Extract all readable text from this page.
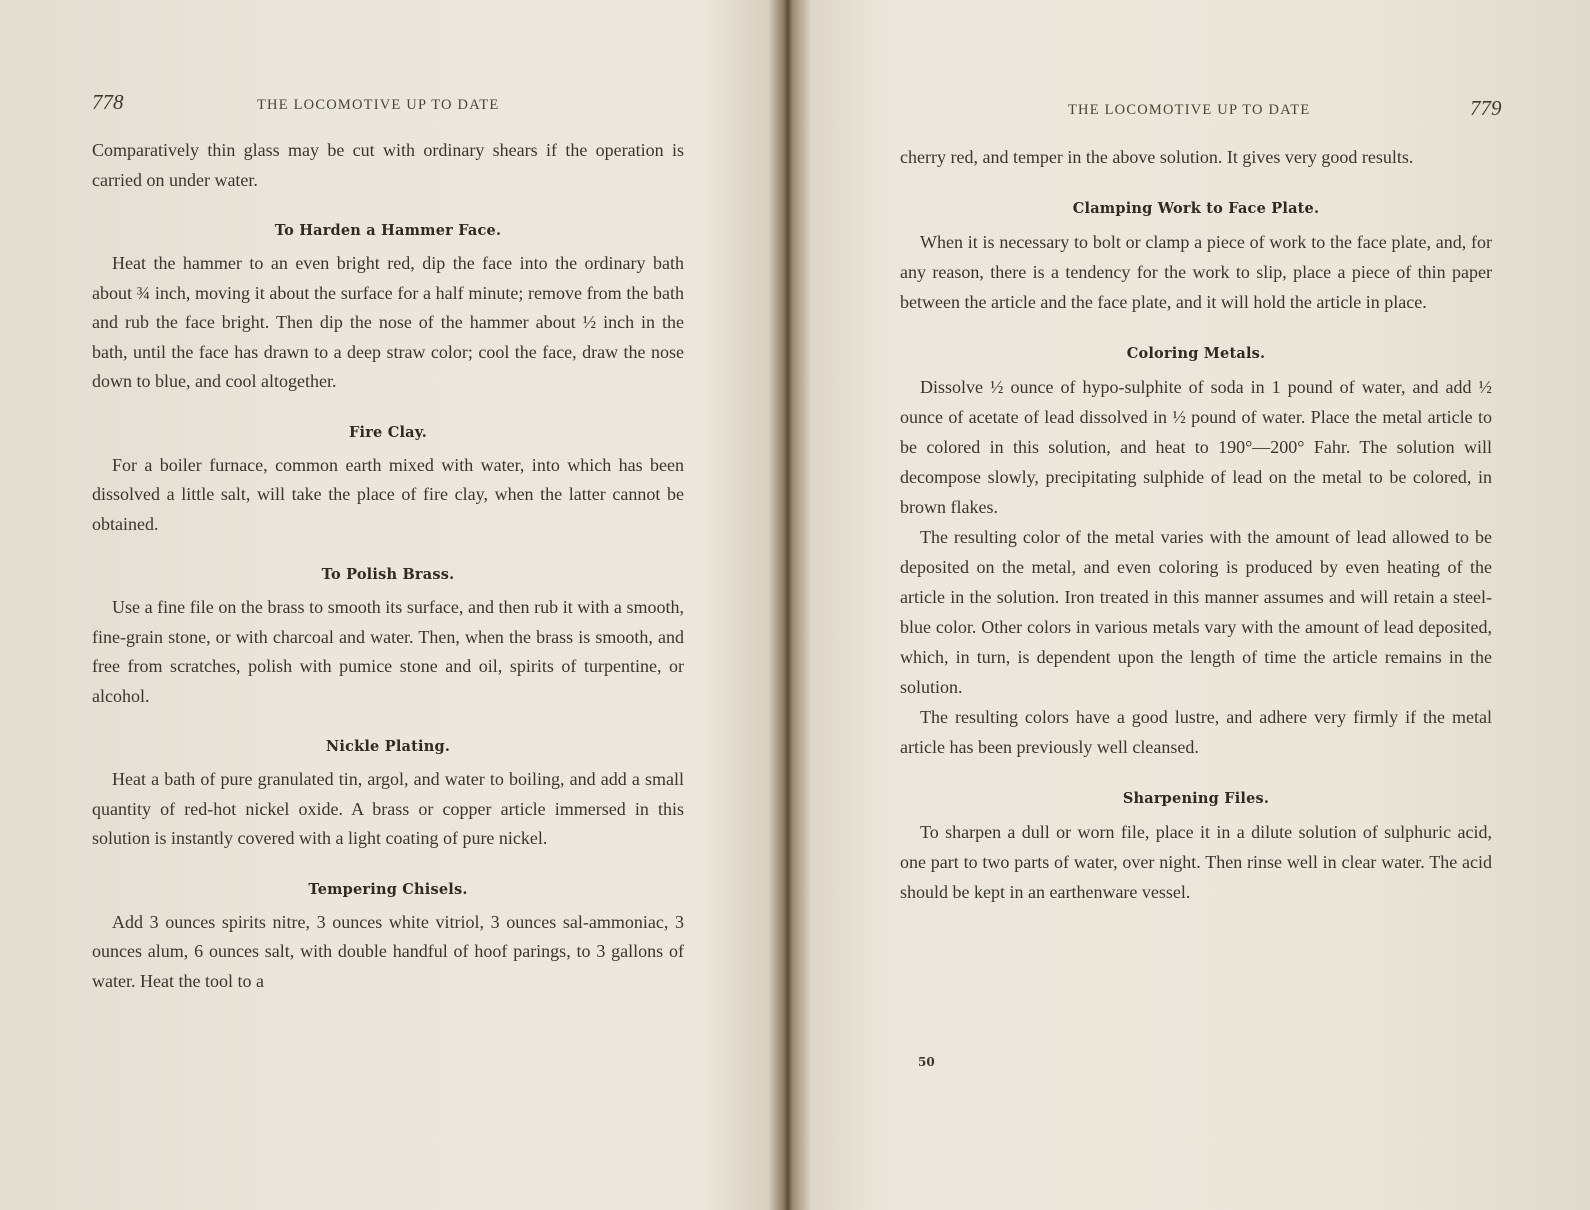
778	THE LOCOMOTIVE UP TO DATE

Comparatively thin glass may be cut with ordinary shears if the operation is carried on under water.

To Harden a Hammer Face.

Heat the hammer to an even bright red, dip the face into the ordinary bath about ¾ inch, moving it about the surface for a half minute; remove from the bath and rub the face bright. Then dip the nose of the hammer about ½ inch in the bath, until the face has drawn to a deep straw color; cool the face, draw the nose down to blue, and cool altogether.

Fire Clay.

For a boiler furnace, common earth mixed with water, into which has been dissolved a little salt, will take the place of fire clay, when the latter cannot be obtained.

To Polish Brass.

Use a fine file on the brass to smooth its surface, and then rub it with a smooth, fine-grain stone, or with charcoal and water. Then, when the brass is smooth, and free from scratches, polish with pumice stone and oil, spirits of turpentine, or alcohol.

Nickle Plating.

Heat a bath of pure granulated tin, argol, and water to boiling, and add a small quantity of red-hot nickel oxide. A brass or copper article immersed in this solution is instantly covered with a light coating of pure nickel.

Tempering Chisels.

Add 3 ounces spirits nitre, 3 ounces white vitriol, 3 ounces sal-ammoniac, 3 ounces alum, 6 ounces salt, with double handful of hoof parings, to 3 gallons of water. Heat the tool to a

THE LOCOMOTIVE UP TO DATE	779

cherry red, and temper in the above solution. It gives very good results.

Clamping Work to Face Plate.

When it is necessary to bolt or clamp a piece of work to the face plate, and, for any reason, there is a tendency for the work to slip, place a piece of thin paper between the article and the face plate, and it will hold the article in place.

Coloring Metals.

Dissolve ½ ounce of hypo-sulphite of soda in 1 pound of water, and add ½ ounce of acetate of lead dissolved in ½ pound of water. Place the metal article to be colored in this solution, and heat to 190°—200° Fahr. The solution will decompose slowly, precipitating sulphide of lead on the metal to be colored, in brown flakes.

The resulting color of the metal varies with the amount of lead allowed to be deposited on the metal, and even coloring is produced by even heating of the article in the solution. Iron treated in this manner assumes and will retain a steel-blue color. Other colors in various metals vary with the amount of lead deposited, which, in turn, is dependent upon the length of time the article remains in the solution.

The resulting colors have a good lustre, and adhere very firmly if the metal article has been previously well cleansed.

Sharpening Files.

To sharpen a dull or worn file, place it in a dilute solution of sulphuric acid, one part to two parts of water, over night. Then rinse well in clear water. The acid should be kept in an earthenware vessel.

50
